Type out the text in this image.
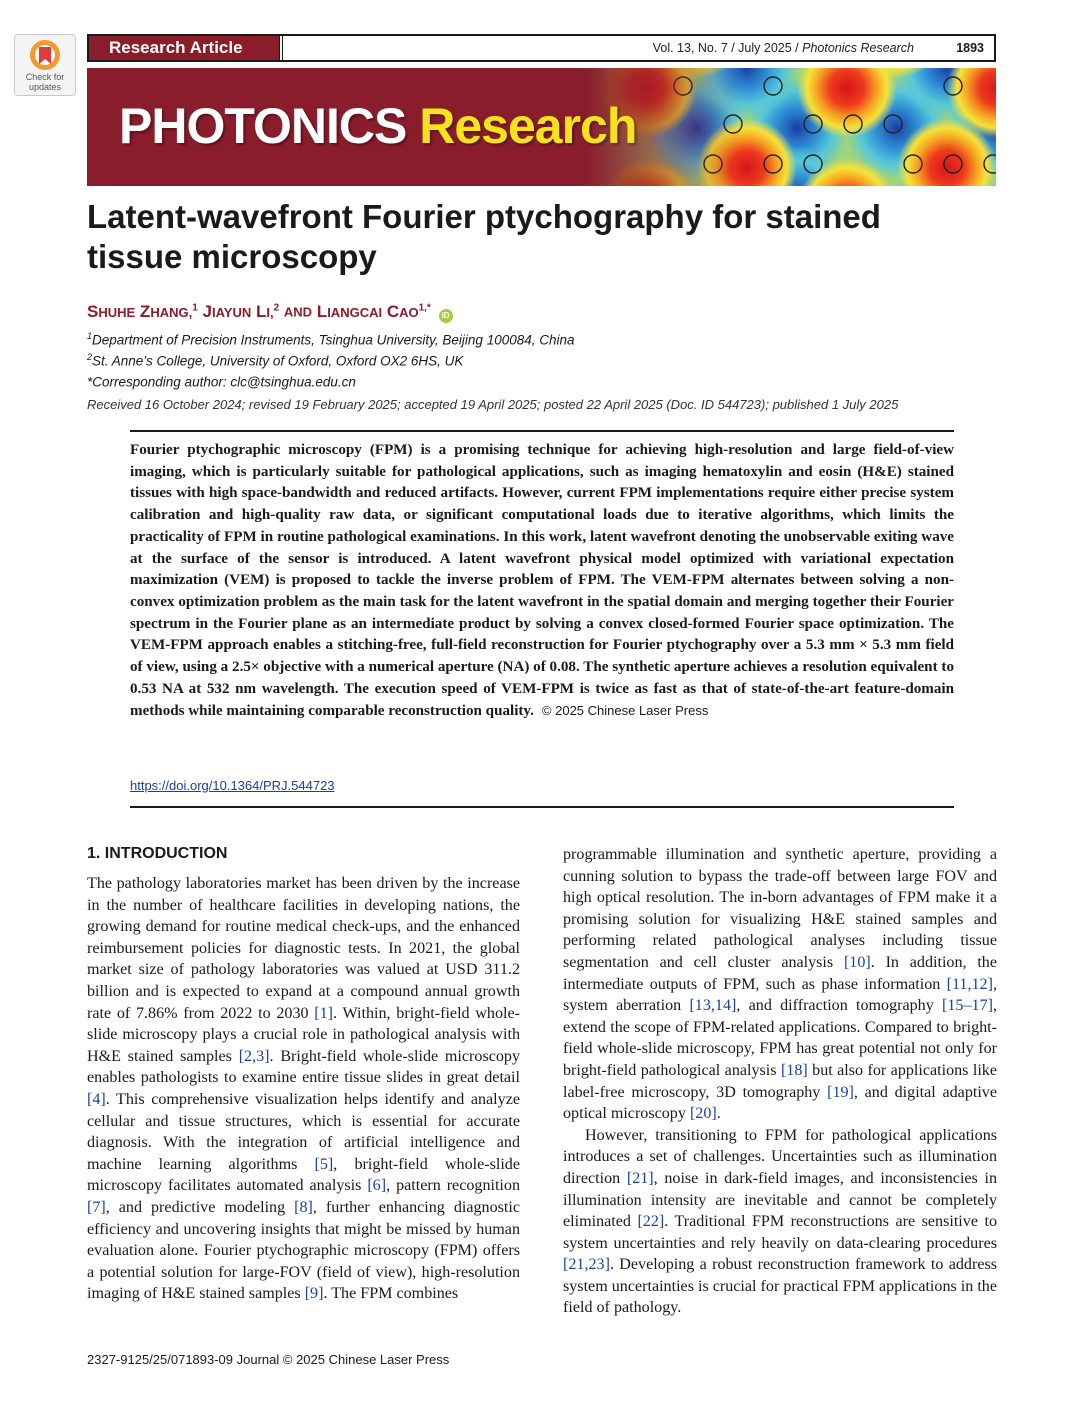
Check for
updates
Research Article	Vol. 13, No. 7 / July 2025 / Photonics Research	1893
PHOTONICS Research
Latent-wavefront Fourier ptychography for stained tissue microscopy
SHUHE ZHANG,$^1$ JIAYUN LI,$^2$ AND LIANGCAI $CAO^{1,*}$ iD
$^1$Department of Precision Instruments, Tsinghua University, Beijing 100084, China
$^2$St. Anne’s College, University of Oxford, Oxford OX2 6HS, UK
*Corresponding author: clc@tsinghua.edu.cn
Received 16 October 2024; revised 19 February 2025; accepted 19 April 2025; posted 22 April 2025 (Doc. ID 544723); published 1 July 2025
Fourier ptychographic microscopy (FPM) is a promising technique for achieving high-resolution and large field-of-view imaging, which is particularly suitable for pathological applications, such as imaging hematoxylin and eosin (H&E) stained tissues with high space-bandwidth and reduced artifacts. However, current FPM implementations require either precise system calibration and high-quality raw data, or significant computational loads due to iterative algorithms, which limits the practicality of FPM in routine pathological examinations. In this work, latent wavefront denoting the unobservable exiting wave at the surface of the sensor is introduced. A latent wavefront physical model optimized with variational expectation maximization (VEM) is proposed to tackle the inverse problem of FPM. The VEM-FPM alternates between solving a non-convex optimization problem as the main task for the latent wavefront in the spatial domain and merging together their Fourier spectrum in the Fourier plane as an intermediate product by solving a convex closed-formed Fourier space optimization. The VEM-FPM approach enables a stitching-free, full-field reconstruction for Fourier ptychography over a 5.3 mm × 5.3 mm field of view, using a 2.5× objective with a numerical aperture (NA) of 0.08. The synthetic aperture achieves a resolution equivalent to 0.53 NA at 532 nm wavelength. The execution speed of VEM-FPM is twice as fast as that of state-of-the-art feature-domain methods while maintaining comparable reconstruction quality. © 2025 Chinese Laser Press
https://doi.org/10.1364/PRJ.544723
1. INTRODUCTION

The pathology laboratories market has been driven by the increase in the number of healthcare facilities in developing nations, the growing demand for routine medical check-ups, and the enhanced reimbursement policies for diagnostic tests. In 2021, the global market size of pathology laboratories was valued at USD 311.2 billion and is expected to expand at a compound annual growth rate of 7.86% from 2022 to 2030 [1]. Within, bright-field whole-slide microscopy plays a crucial role in pathological analysis with H&E stained samples [2,3]. Bright-field whole-slide microscopy enables pathologists to examine entire tissue slides in great detail [4]. This comprehensive visualization helps identify and analyze cellular and tissue structures, which is essential for accurate diagnosis. With the integration of artificial intelligence and machine learning algorithms [5], bright-field whole-slide microscopy facilitates automated analysis [6], pattern recognition [7], and predictive modeling [8], further enhancing diagnostic efficiency and uncovering insights that might be missed by human evaluation alone. Fourier ptychographic microscopy (FPM) offers a potential solution for large-FOV (field of view), high-resolution imaging of H&E stained samples [9]. The FPM combines

programmable illumination and synthetic aperture, providing a cunning solution to bypass the trade-off between large FOV and high optical resolution. The in-born advantages of FPM make it a promising solution for visualizing H&E stained samples and performing related pathological analyses including tissue segmentation and cell cluster analysis [10]. In addition, the intermediate outputs of FPM, such as phase information [11,12], system aberration [13,14], and diffraction tomography [15–17], extend the scope of FPM-related applications. Compared to bright-field whole-slide microscopy, FPM has great potential not only for bright-field pathological analysis [18] but also for applications like label-free microscopy, 3D tomography [19], and digital adaptive optical microscopy [20].

However, transitioning to FPM for pathological applications introduces a set of challenges. Uncertainties such as illumination direction [21], noise in dark-field images, and inconsistencies in illumination intensity are inevitable and cannot be completely eliminated [22]. Traditional FPM reconstructions are sensitive to system uncertainties and rely heavily on data-clearing procedures [21,23]. Developing a robust reconstruction framework to address system uncertainties is crucial for practical FPM applications in the field of pathology.

2327-9125/25/071893-09 Journal © 2025 Chinese Laser Press
